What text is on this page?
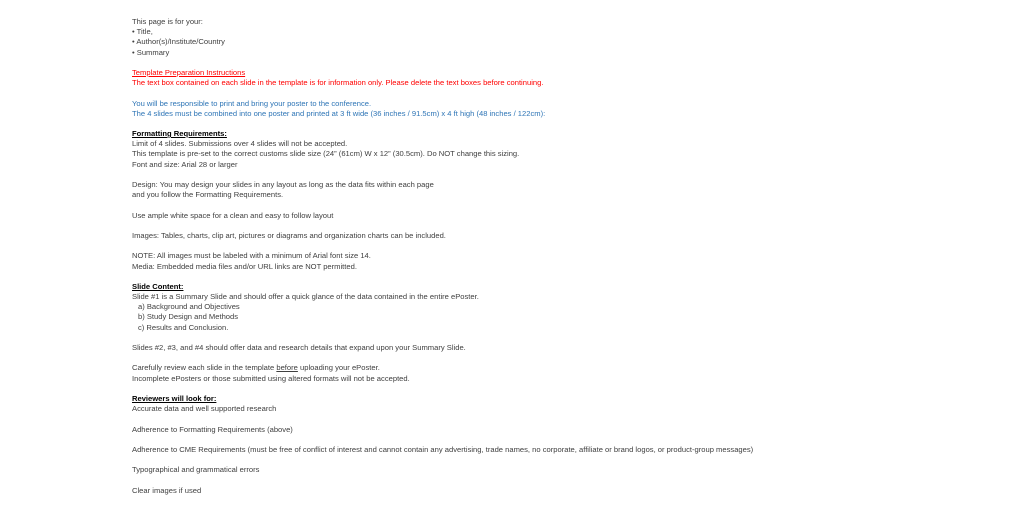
This page is for your:
• Title,
• Author(s)/Institute/Country
• Summary
Template Preparation Instructions
The text box contained on each slide in the template is for information only. Please delete the text boxes before continuing.
You will be responsible to print and bring your poster to the conference.
The 4 slides must be combined into one poster and printed at 3 ft wide (36 inches / 91.5cm) x 4 ft high (48 inches / 122cm):
Formatting Requirements:
Limit of 4 slides. Submissions over 4 slides will not be accepted.
This template is pre-set to the correct customs slide size (24” (61cm) W x 12” (30.5cm). Do NOT change this sizing.
Font and size: Arial 28 or larger
Design: You may design your slides in any layout as long as the data fits within each page
and you follow the Formatting Requirements.
Use ample white space for a clean and easy to follow layout
Images: Tables, charts, clip art, pictures or diagrams and organization charts can be included.
NOTE: All images must be labeled with a minimum of Arial font size 14.
Media: Embedded media files and/or URL links are NOT permitted.
Slide Content:
Slide #1 is a Summary Slide and should offer a quick glance of the data contained in the entire ePoster.
a) Background and Objectives
b) Study Design and Methods
c) Results and Conclusion.
Slides #2, #3, and #4 should offer data and research details that expand upon your Summary Slide.
Carefully review each slide in the template before uploading your ePoster.
Incomplete ePosters or those submitted using altered formats will not be accepted.
Reviewers will look for:
Accurate data and well supported research
Adherence to Formatting Requirements (above)
Adherence to CME Requirements (must be free of conflict of interest and cannot contain any advertising, trade names, no corporate, affiliate or brand logos, or product-group messages)
Typographical and grammatical errors
Clear images if used
